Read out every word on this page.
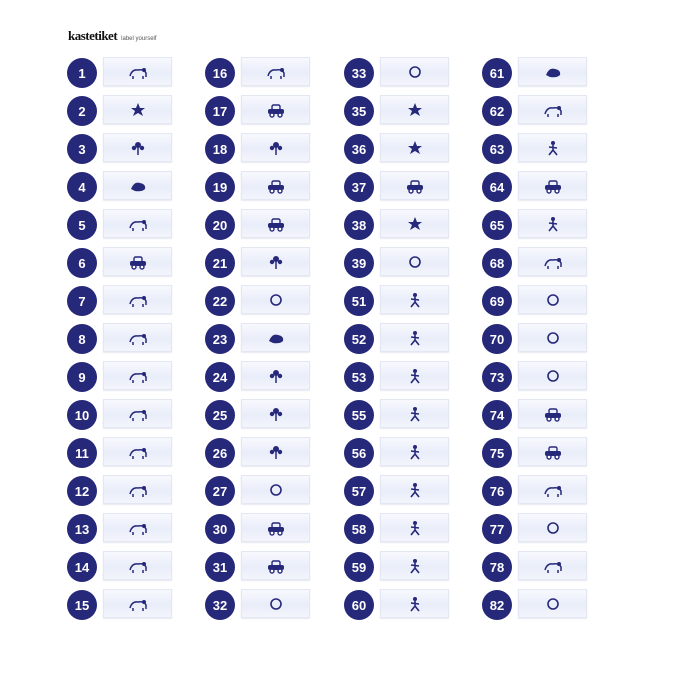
kastetiket label yourself
1
2
3
4
5
6
7
8
9
10
11
12
13
14
15
16
17
18
19
20
21
22
23
24
25
26
27
30
31
32
33
35
36
37
38
39
51
52
53
55
56
57
58
59
60
61
62
63
64
65
68
69
70
73
74
75
76
77
78
82
